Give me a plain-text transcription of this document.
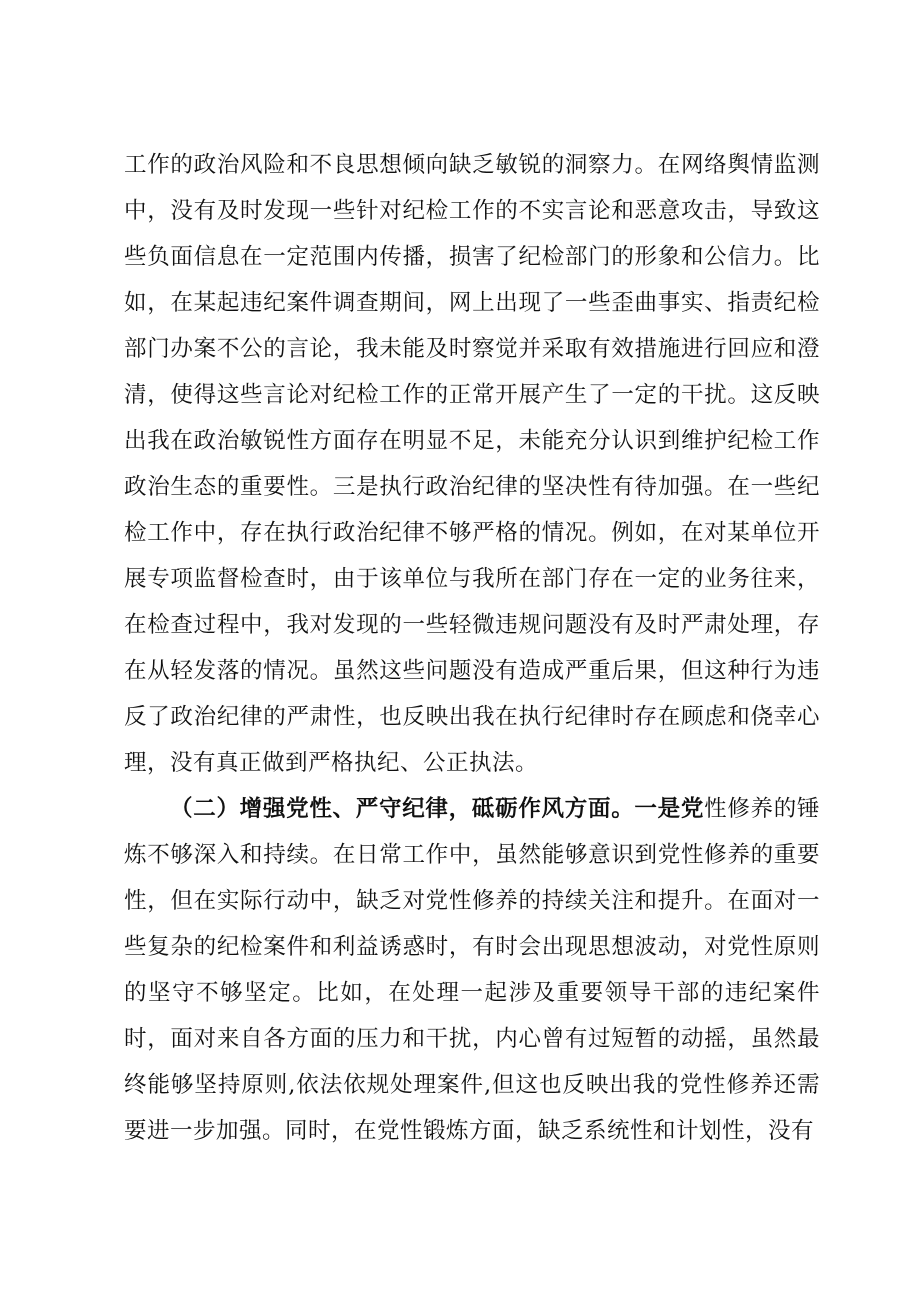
工作的政治风险和不良思想倾向缺乏敏锐的洞察力。在网络舆情监测中，没有及时发现一些针对纪检工作的不实言论和恶意攻击，导致这些负面信息在一定范围内传播，损害了纪检部门的形象和公信力。比如，在某起违纪案件调查期间，网上出现了一些歪曲事实、指责纪检部门办案不公的言论，我未能及时察觉并采取有效措施进行回应和澄清，使得这些言论对纪检工作的正常开展产生了一定的干扰。这反映出我在政治敏锐性方面存在明显不足，未能充分认识到维护纪检工作政治生态的重要性。三是执行政治纪律的坚决性有待加强。在一些纪检工作中，存在执行政治纪律不够严格的情况。例如，在对某单位开展专项监督检查时，由于该单位与我所在部门存在一定的业务往来，在检查过程中，我对发现的一些轻微违规问题没有及时严肃处理，存在从轻发落的情况。虽然这些问题没有造成严重后果，但这种行为违反了政治纪律的严肃性，也反映出我在执行纪律时存在顾虑和侥幸心理，没有真正做到严格执纪、公正执法。

（二）增强党性、严守纪律，砥砺作风方面。一是党性修养的锤炼不够深入和持续。在日常工作中，虽然能够意识到党性修养的重要性，但在实际行动中，缺乏对党性修养的持续关注和提升。在面对一些复杂的纪检案件和利益诱惑时，有时会出现思想波动，对党性原则的坚守不够坚定。比如，在处理一起涉及重要领导干部的违纪案件时，面对来自各方面的压力和干扰，内心曾有过短暂的动摇，虽然最终能够坚持原则,依法依规处理案件,但这也反映出我的党性修养还需要进一步加强。同时，在党性锻炼方面，缺乏系统性和计划性，没有
